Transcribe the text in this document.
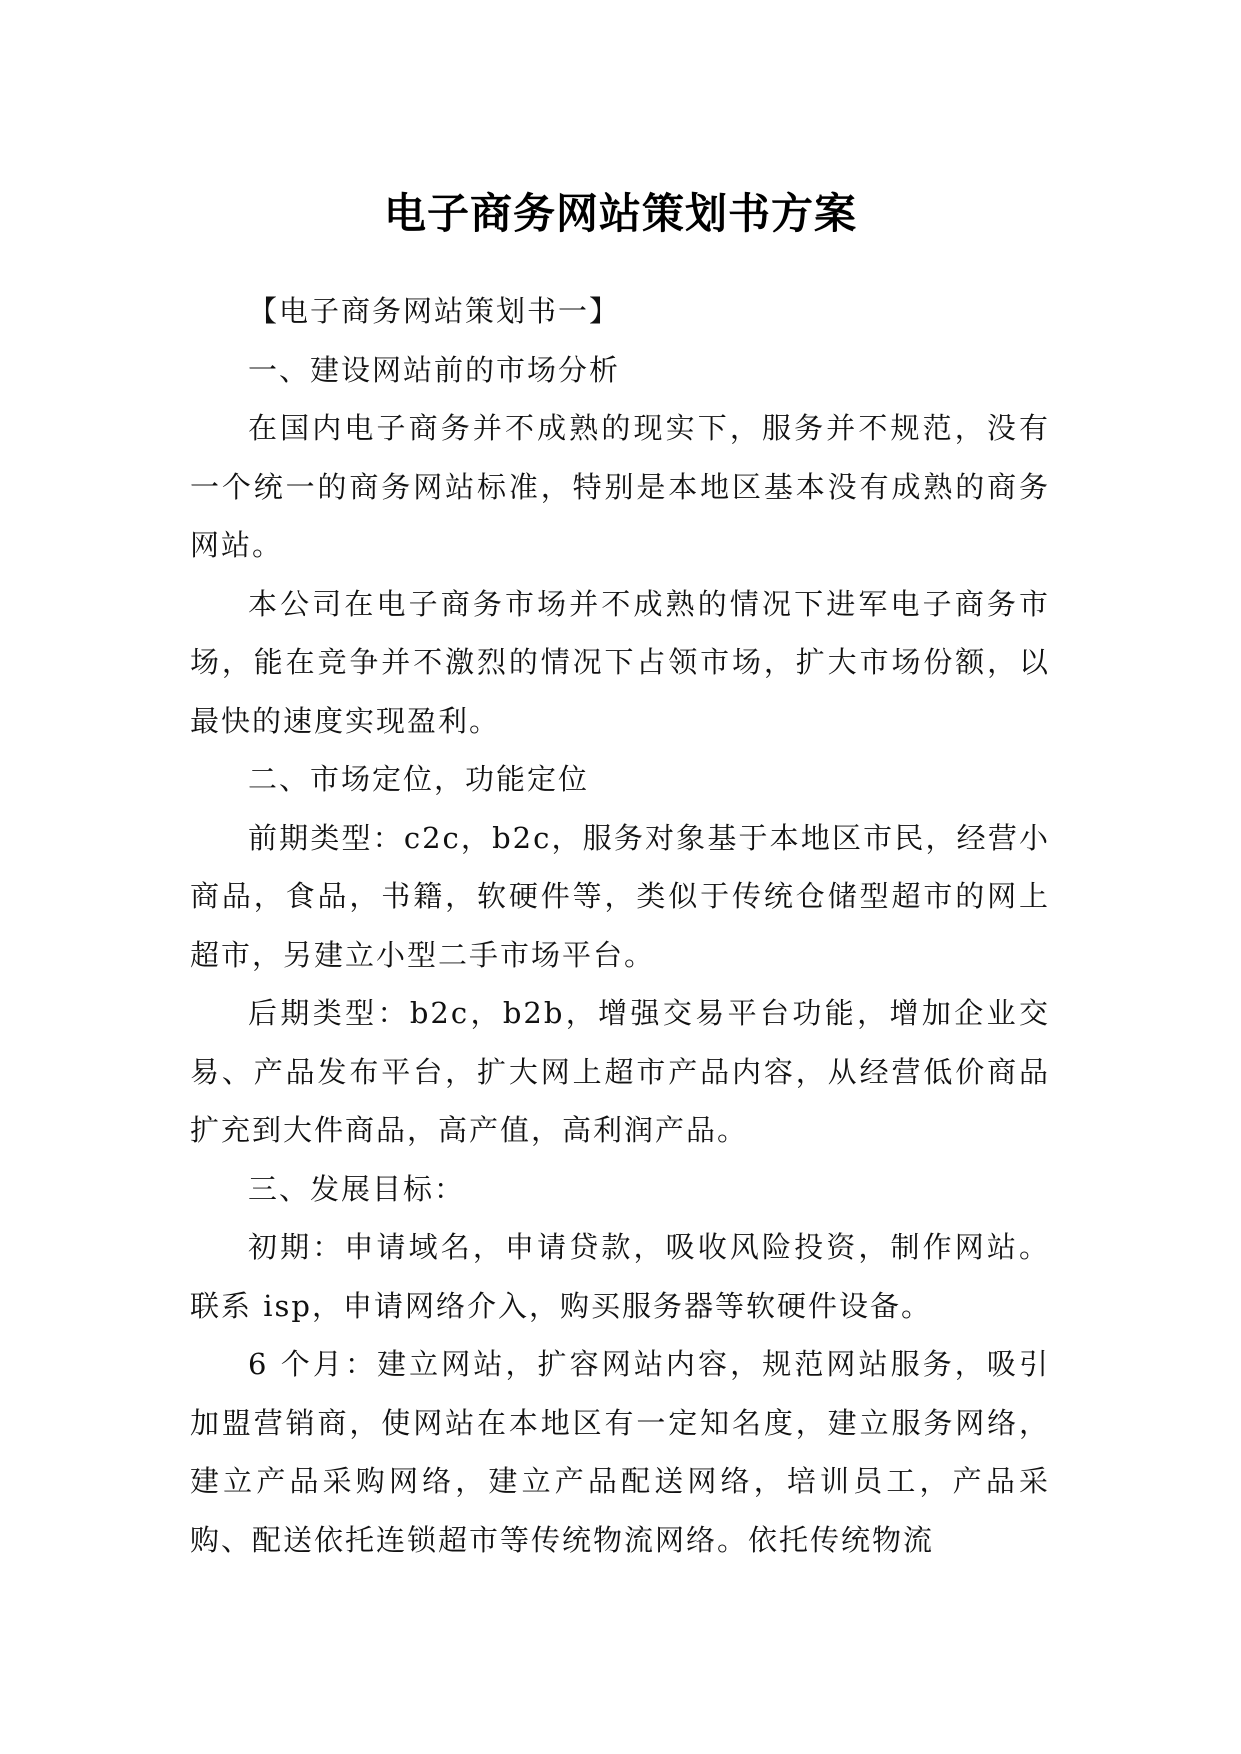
电子商务网站策划书方案

【电子商务网站策划书一】

一、建设网站前的市场分析

在国内电子商务并不成熟的现实下，服务并不规范，没有一个统一的商务网站标准，特别是本地区基本没有成熟的商务网站。

本公司在电子商务市场并不成熟的情况下进军电子商务市场，能在竞争并不激烈的情况下占领市场，扩大市场份额，以最快的速度实现盈利。

二、市场定位，功能定位

前期类型：c2c，b2c，服务对象基于本地区市民，经营小商品，食品，书籍，软硬件等，类似于传统仓储型超市的网上超市，另建立小型二手市场平台。

后期类型：b2c，b2b，增强交易平台功能，增加企业交易、产品发布平台，扩大网上超市产品内容，从经营低价商品扩充到大件商品，高产值，高利润产品。

三、发展目标：

初期：申请域名，申请贷款，吸收风险投资，制作网站。联系 isp，申请网络介入，购买服务器等软硬件设备。

6 个月：建立网站，扩容网站内容，规范网站服务，吸引加盟营销商，使网站在本地区有一定知名度，建立服务网络，建立产品采购网络，建立产品配送网络，培训员工，产品采购、配送依托连锁超市等传统物流网络。依托传统物流
